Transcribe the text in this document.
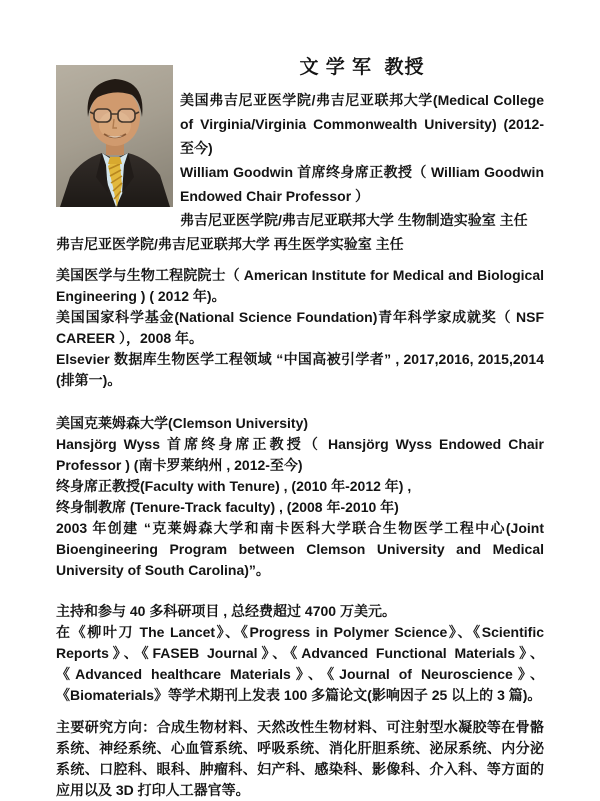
文 学 军  教授

美国弗吉尼亚医学院/弗吉尼亚联邦大学(Medical College of Virginia/Virginia Commonwealth University) (2012-至今)

William Goodwin 首席终身席正教授（ William Goodwin Endowed Chair Professor ）

弗吉尼亚医学院/弗吉尼亚联邦大学 生物制造实验室 主任

弗吉尼亚医学院/弗吉尼亚联邦大学 再生医学实验室 主任

美国医学与生物工程院院士（ American Institute for Medical and Biological Engineering ) ( 2012 年)。

美国国家科学基金(National Science Foundation)青年科学家成就奖（ NSF CAREER ），2008 年。

Elsevier 数据库生物医学工程领域 “中国高被引学者” , 2017,2016, 2015,2014 (排第一)。

美国克莱姆森大学(Clemson University)

Hansjörg Wyss 首席终身席正教授（ Hansjörg Wyss Endowed Chair Professor ) (南卡罗莱纳州 , 2012-至今)

终身席正教授(Faculty with Tenure) , (2010 年-2012 年) ,

终身制教席 (Tenure-Track faculty) , (2008 年-2010 年)

2003 年创建 “克莱姆森大学和南卡医科大学联合生物医学工程中心(Joint Bioengineering Program between Clemson University and Medical University of South Carolina)”。

主持和参与 40 多科研项目 , 总经费超过 4700 万美元。

在《柳叶刀 The Lancet》、《Progress in Polymer Science》、《Scientific Reports》、《FASEB Journal》、《Advanced Functional Materials》、《Advanced healthcare Materials》、《Journal of Neuroscience》、《Biomaterials》等学术期刊上发表 100 多篇论文(影响因子 25 以上的 3 篇)。

主要研究方向：合成生物材料、天然改性生物材料、可注射型水凝胶等在骨骼系统、神经系统、心血管系统、呼吸系统、消化肝胆系统、泌尿系统、内分泌系统、口腔科、眼科、肿瘤科、妇产科、感染科、影像科、介入科、等方面的应用以及 3D 打印人工器官等。
